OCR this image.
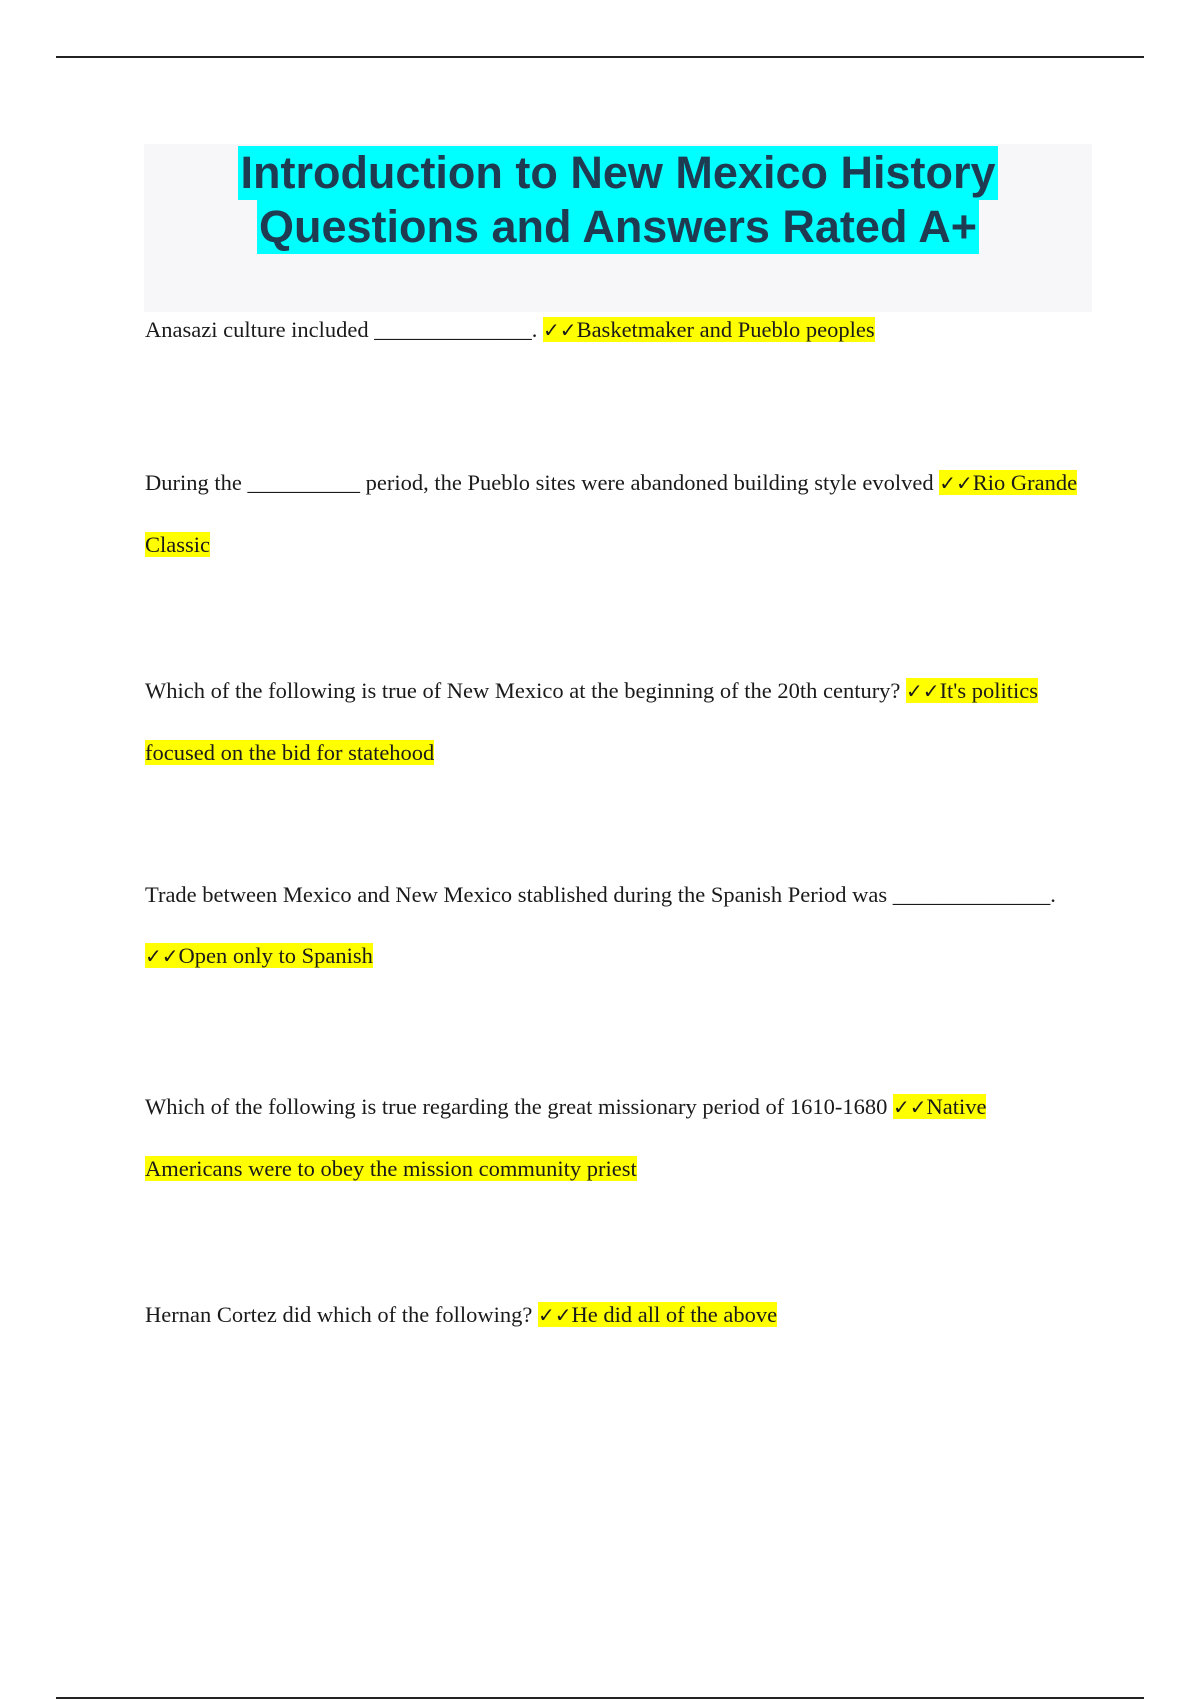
Introduction to New Mexico History
Questions and Answers Rated A+

Anasazi culture included ______________. ✓✓Basketmaker and Pueblo peoples

During the __________ period, the Pueblo sites were abandoned building style evolved ✓✓Rio Grande Classic

Which of the following is true of New Mexico at the beginning of the 20th century? ✓✓It's politics focused on the bid for statehood

Trade between Mexico and New Mexico stablished during the Spanish Period was ______________. ✓✓Open only to Spanish

Which of the following is true regarding the great missionary period of 1610-1680 ✓✓Native Americans were to obey the mission community priest

Hernan Cortez did which of the following? ✓✓He did all of the above
